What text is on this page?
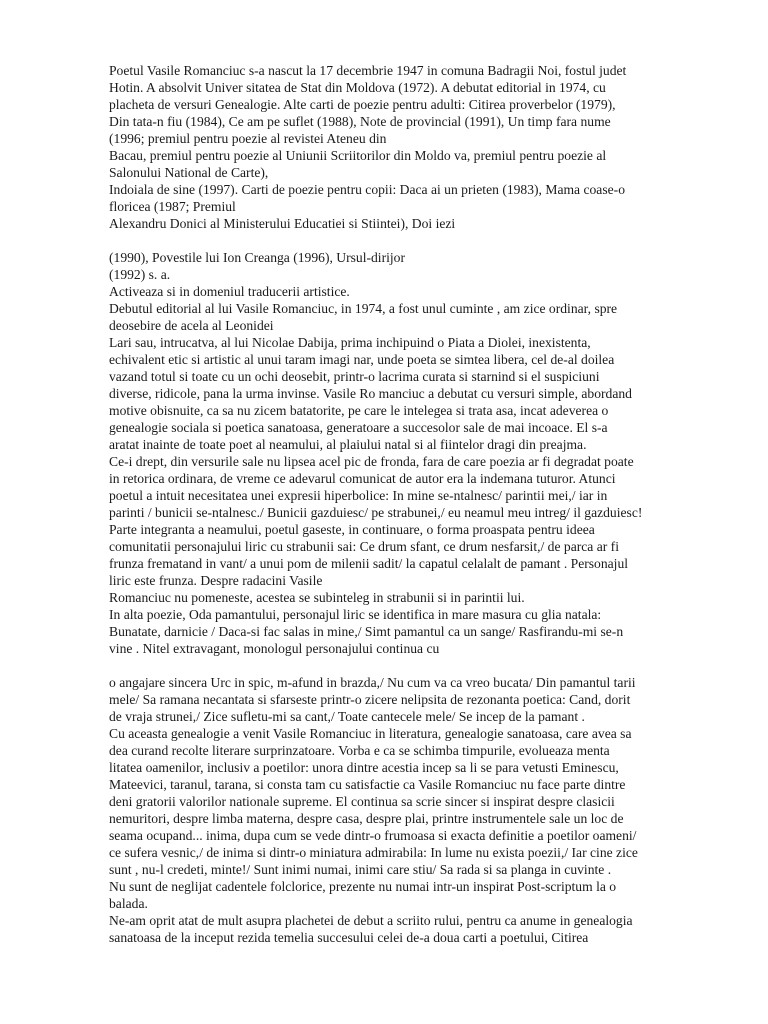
Poetul Vasile Romanciuc s-a nascut la 17 decembrie 1947 in comuna Badragii Noi, fostul judet
Hotin. A absolvit Univer sitatea de Stat din Moldova (1972). A debutat editorial in 1974, cu
placheta de versuri Genealogie. Alte carti de poezie pentru adulti: Citirea proverbelor (1979),
Din tata-n fiu (1984), Ce am pe suflet (1988), Note de provincial (1991), Un timp fara nume
(1996; premiul pentru poezie al revistei Ateneu din
Bacau, premiul pentru poezie al Uniunii Scriitorilor din Moldo va, premiul pentru poezie al
Salonului National de Carte),
Indoiala de sine (1997). Carti de poezie pentru copii: Daca ai un prieten (1983), Mama coase-o
floricea (1987; Premiul
Alexandru Donici al Ministerului Educatiei si Stiintei), Doi iezi
(1990), Povestile lui Ion Creanga (1996), Ursul-dirijor
(1992) s. a.
Activeaza si in domeniul traducerii artistice.
Debutul editorial al lui Vasile Romanciuc, in 1974, a fost unul cuminte , am zice ordinar, spre
deosebire de acela al Leonidei
Lari sau, intrucatva, al lui Nicolae Dabija, prima inchipuind o Piata a Diolei, inexistenta,
echivalent etic si artistic al unui taram imagi nar, unde poeta se simtea libera, cel de-al doilea
vazand totul si toate cu un ochi deosebit, printr-o lacrima curata si starnind si el suspiciuni
diverse, ridicole, pana la urma invinse. Vasile Ro manciuc a debutat cu versuri simple, abordand
motive obisnuite, ca sa nu zicem batatorite, pe care le intelegea si trata asa, incat adeverea o
genealogie sociala si poetica sanatoasa, generatoare a succesolor sale de mai incoace. El s-a
aratat inainte de toate poet al neamului, al plaiului natal si al fiintelor dragi din preajma.
Ce-i drept, din versurile sale nu lipsea acel pic de fronda, fara de care poezia ar fi degradat poate
in retorica ordinara, de vreme ce adevarul comunicat de autor era la indemana tuturor. Atunci
poetul a intuit necesitatea unei expresii hiperbolice: In mine se-ntalnesc/ parintii mei,/ iar in
parinti / bunicii se-ntalnesc./ Bunicii gazduiesc/ pe strabunei,/ eu neamul meu intreg/ il gazduiesc!
Parte integranta a neamului, poetul gaseste, in continuare, o forma proaspata pentru ideea
comunitatii personajului liric cu strabunii sai: Ce drum sfant, ce drum nesfarsit,/ de parca ar fi
frunza frematand in vant/ a unui pom de milenii sadit/ la capatul celalalt de pamant . Personajul
liric este frunza. Despre radacini Vasile
Romanciuc nu pomeneste, acestea se subinteleg in strabunii si in parintii lui.
In alta poezie, Oda pamantului, personajul liric se identifica in mare masura cu glia natala:
Bunatate, darnicie / Daca-si fac salas in mine,/ Simt pamantul ca un sange/ Rasfirandu-mi se-n
vine . Nitel extravagant, monologul personajului continua cu
o angajare sincera Urc in spic, m-afund in brazda,/ Nu cum va ca vreo bucata/ Din pamantul tarii
mele/ Sa ramana necantata si sfarseste printr-o zicere nelipsita de rezonanta poetica: Cand, dorit
de vraja strunei,/ Zice sufletu-mi sa cant,/ Toate cantecele mele/ Se incep de la pamant .
Cu aceasta genealogie a venit Vasile Romanciuc in literatura, genealogie sanatoasa, care avea sa
dea curand recolte literare surprinzatoare. Vorba e ca se schimba timpurile, evolueaza menta
litatea oamenilor, inclusiv a poetilor: unora dintre acestia incep sa li se para vetusti Eminescu,
Mateevici, taranul, tarana, si consta tam cu satisfactie ca Vasile Romanciuc nu face parte dintre
deni gratorii valorilor nationale supreme. El continua sa scrie sincer si inspirat despre clasicii
nemuritori, despre limba materna, despre casa, despre plai, printre instrumentele sale un loc de
seama ocupand... inima, dupa cum se vede dintr-o frumoasa si exacta definitie a poetilor oameni/
ce sufera vesnic,/ de inima si dintr-o miniatura admirabila: In lume nu exista poezii,/ Iar cine zice
sunt , nu-l credeti, minte!/ Sunt inimi numai, inimi care stiu/ Sa rada si sa planga in cuvinte .
Nu sunt de neglijat cadentele folclorice, prezente nu numai intr-un inspirat Post-scriptum la o
balada.
Ne-am oprit atat de mult asupra plachetei de debut a scriito rului, pentru ca anume in genealogia
sanatoasa de la inceput rezida temelia succesului celei de-a doua carti a poetului, Citirea
